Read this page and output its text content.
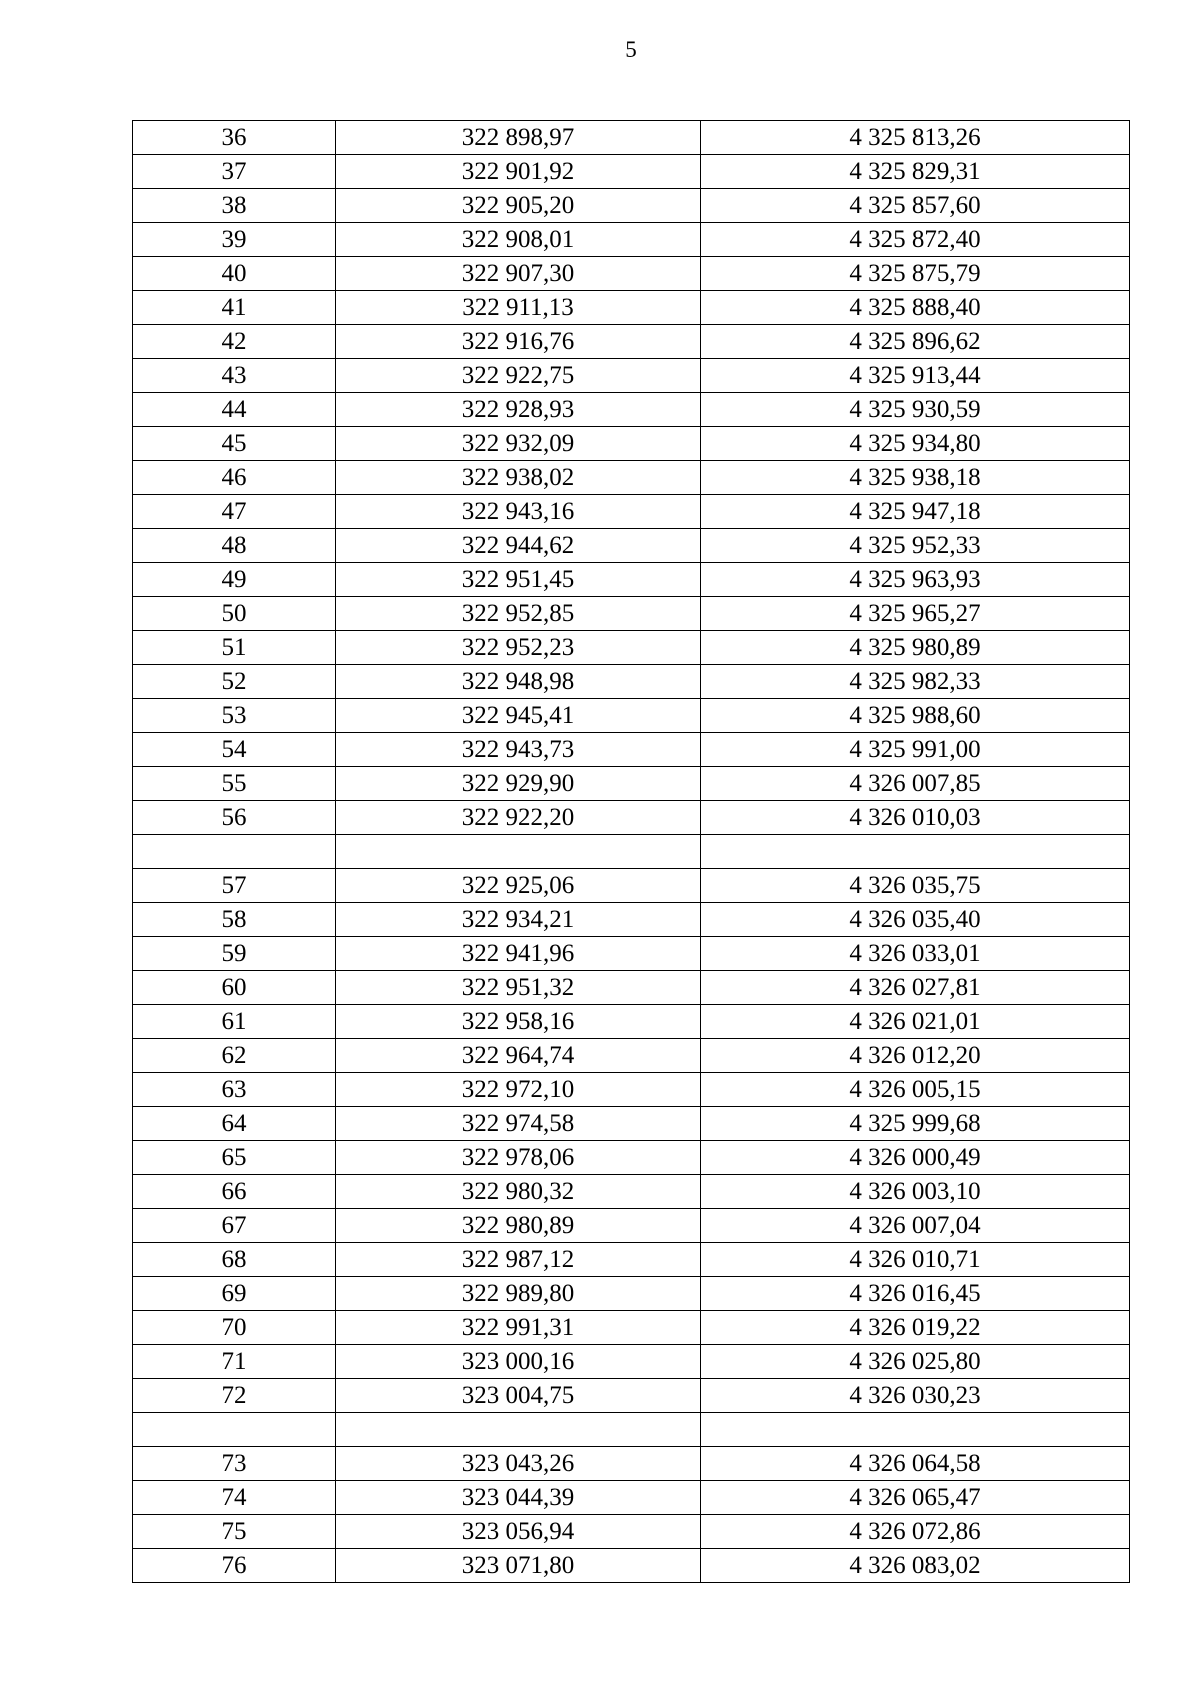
5
36	322 898,97	4 325 813,26
37	322 901,92	4 325 829,31
38	322 905,20	4 325 857,60
39	322 908,01	4 325 872,40
40	322 907,30	4 325 875,79
41	322 911,13	4 325 888,40
42	322 916,76	4 325 896,62
43	322 922,75	4 325 913,44
44	322 928,93	4 325 930,59
45	322 932,09	4 325 934,80
46	322 938,02	4 325 938,18
47	322 943,16	4 325 947,18
48	322 944,62	4 325 952,33
49	322 951,45	4 325 963,93
50	322 952,85	4 325 965,27
51	322 952,23	4 325 980,89
52	322 948,98	4 325 982,33
53	322 945,41	4 325 988,60
54	322 943,73	4 325 991,00
55	322 929,90	4 326 007,85
56	322 922,20	4 326 010,03

57	322 925,06	4 326 035,75
58	322 934,21	4 326 035,40
59	322 941,96	4 326 033,01
60	322 951,32	4 326 027,81
61	322 958,16	4 326 021,01
62	322 964,74	4 326 012,20
63	322 972,10	4 326 005,15
64	322 974,58	4 325 999,68
65	322 978,06	4 326 000,49
66	322 980,32	4 326 003,10
67	322 980,89	4 326 007,04
68	322 987,12	4 326 010,71
69	322 989,80	4 326 016,45
70	322 991,31	4 326 019,22
71	323 000,16	4 326 025,80
72	323 004,75	4 326 030,23

73	323 043,26	4 326 064,58
74	323 044,39	4 326 065,47
75	323 056,94	4 326 072,86
76	323 071,80	4 326 083,02
